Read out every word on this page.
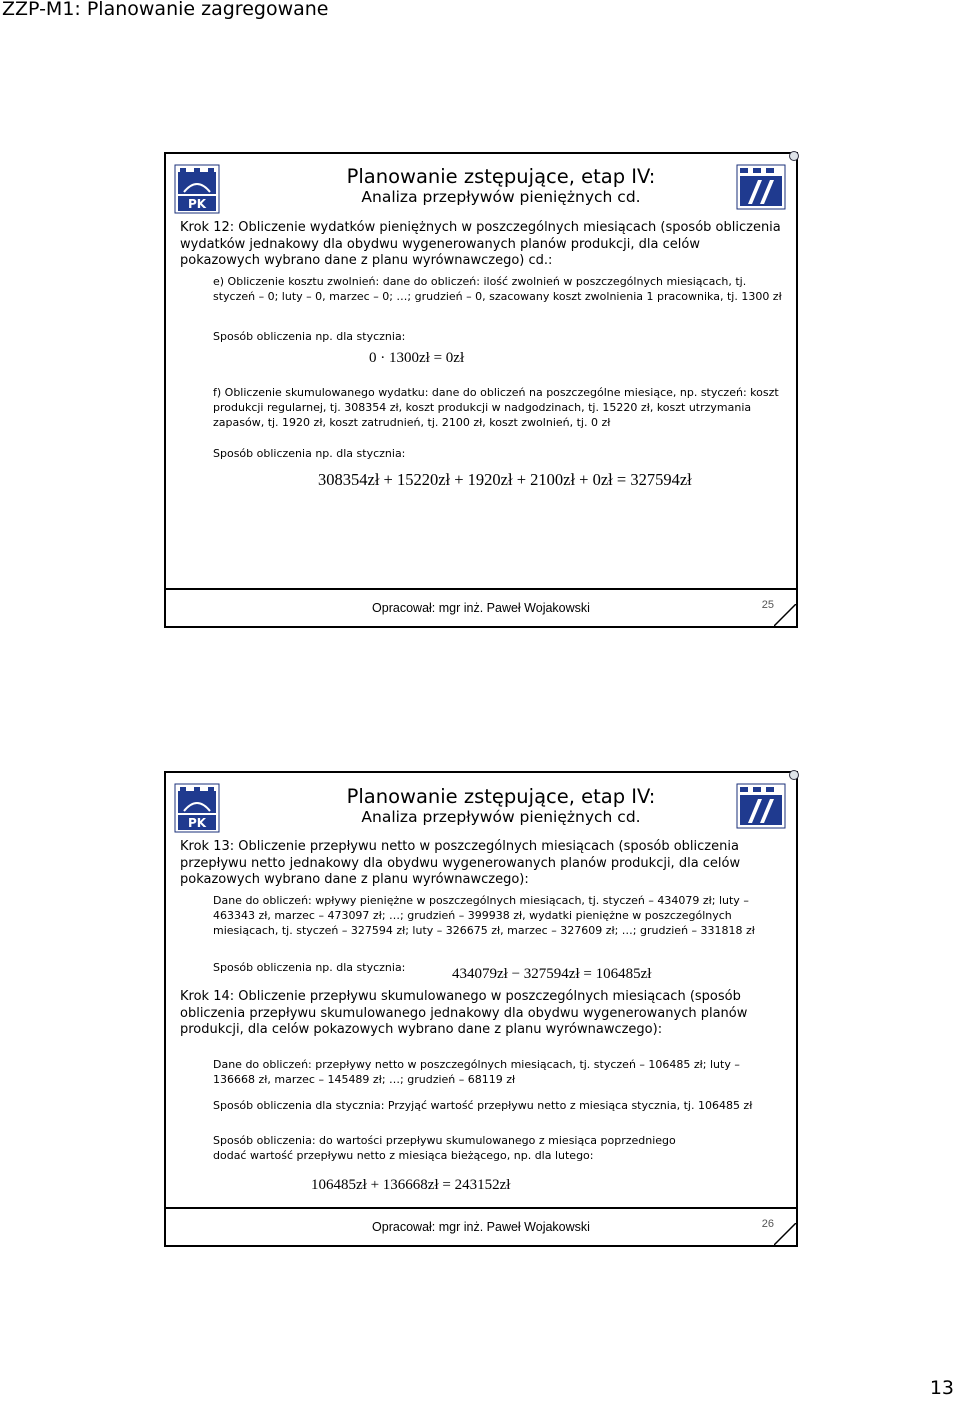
ZZP-M1: Planowanie zagregowane
PK
Planowanie zstępujące, etap IV:
Analiza przepływów pieniężnych cd.
Krok 12: Obliczenie wydatków pieniężnych w poszczególnych miesiącach (sposób obliczenia wydatków jednakowy dla obydwu wygenerowanych planów produkcji, dla celów pokazowych wybrano dane z planu wyrównawczego) cd.:
e) Obliczenie kosztu zwolnień: dane do obliczeń: ilość zwolnień w poszczególnych miesiącach, tj. styczeń – 0; luty – 0, marzec – 0; …; grudzień – 0, szacowany koszt zwolnienia 1 pracownika, tj. 1300 zł
Sposób obliczenia np. dla stycznia:
0 · 1300zł = 0zł
f) Obliczenie skumulowanego wydatku: dane do obliczeń na poszczególne miesiące, np. styczeń: koszt produkcji regularnej, tj. 308354 zł, koszt produkcji w nadgodzinach, tj. 15220 zł, koszt utrzymania zapasów, tj. 1920 zł, koszt zatrudnień, tj. 2100 zł, koszt zwolnień, tj. 0 zł
Sposób obliczenia np. dla stycznia:
308354zł + 15220zł + 1920zł + 2100zł + 0zł = 327594zł
Opracował: mgr inż. Paweł Wojakowski	25
PK
Planowanie zstępujące, etap IV:
Analiza przepływów pieniężnych cd.
Krok 13: Obliczenie przepływu netto w poszczególnych miesiącach (sposób obliczenia przepływu netto jednakowy dla obydwu wygenerowanych planów produkcji, dla celów pokazowych wybrano dane z planu wyrównawczego):
Dane do obliczeń: wpływy pieniężne w poszczególnych miesiącach, tj. styczeń – 434079 zł; luty – 463343 zł, marzec – 473097 zł; …; grudzień – 399938 zł, wydatki pieniężne w poszczególnych miesiącach, tj. styczeń – 327594 zł; luty – 326675 zł, marzec – 327609 zł; …; grudzień – 331818 zł
Sposób obliczenia np. dla stycznia:	434079zł − 327594zł = 106485zł
Krok 14: Obliczenie przepływu skumulowanego w poszczególnych miesiącach (sposób obliczenia przepływu skumulowanego jednakowy dla obydwu wygenerowanych planów produkcji, dla celów pokazowych wybrano dane z planu wyrównawczego):
Dane do obliczeń: przepływy netto w poszczególnych miesiącach, tj. styczeń – 106485 zł; luty – 136668 zł, marzec – 145489 zł; …; grudzień – 68119 zł
Sposób obliczenia dla stycznia: Przyjąć wartość przepływu netto z miesiąca stycznia, tj. 106485 zł
Sposób obliczenia: do wartości przepływu skumulowanego z miesiąca poprzedniego dodać wartość przepływu netto z miesiąca bieżącego, np. dla lutego:
106485zł + 136668zł = 243152zł
Opracował: mgr inż. Paweł Wojakowski	26
13
